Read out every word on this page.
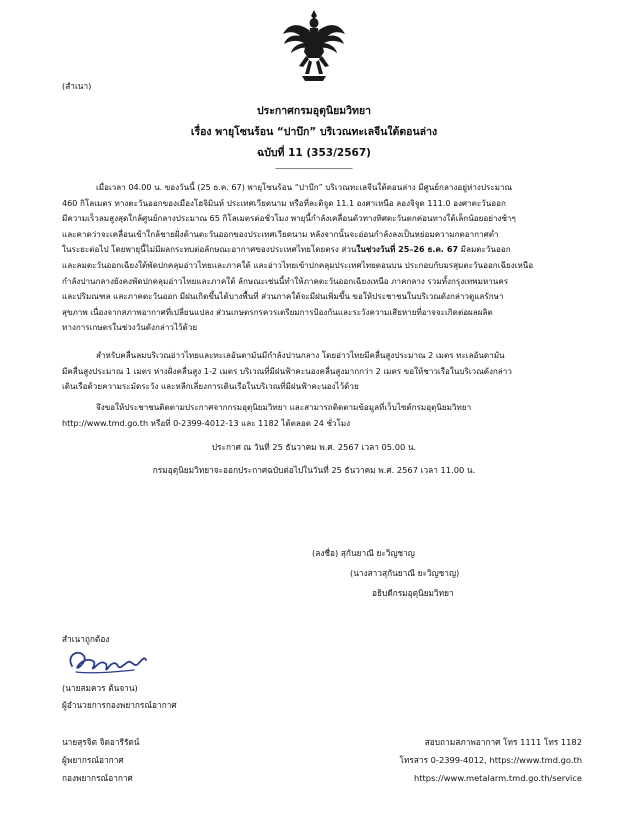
(สำเนา)
ประกาศกรมอุตุนิยมวิทยา
เรื่อง พายุโซนร้อน “ปาบึก” บริเวณทะเลจีนใต้ตอนล่าง
ฉบับที่ 11 (353/2567)
______________________
เมื่อเวลา 04.00 น. ของวันนี้ (25 ธ.ค. 67) พายุโซนร้อน “ปาบึก” บริเวณทะเลจีนใต้ตอนล่าง มีศูนย์กลางอยู่ห่างประมาณ
460 กิโลเมตร ทางตะวันออกของเมืองโฮจิมินห์ ประเทศเวียดนาม หรือที่ละติจูด 11.1 องศาเหนือ ลองจิจูด 111.0 องศาตะวันออก
มีความเร็วลมสูงสุดใกล้ศูนย์กลางประมาณ 65 กิโลเมตรต่อชั่วโมง พายุนี้กำลังเคลื่อนตัวทางทิศตะวันตกค่อนทางใต้เล็กน้อยอย่างช้าๆ
และคาดว่าจะเคลื่อนเข้าใกล้ชายฝั่งด้านตะวันออกของประเทศเวียดนาม หลังจากนั้นจะอ่อนกำลังลงเป็นหย่อมความกดอากาศต่ำ
ในระยะต่อไป โดยพายุนี้ไม่มีผลกระทบต่อลักษณะอากาศของประเทศไทยโดยตรง ส่วนในช่วงวันที่ 25–26 ธ.ค. 67 มีลมตะวันออก
และลมตะวันออกเฉียงใต้พัดปกคลุมอ่าวไทยและภาคใต้ และอ่าวไทยเข้าปกคลุมประเทศไทยตอนบน ประกอบกับมรสุมตะวันออกเฉียงเหนือ
กำลังปานกลางยังคงพัดปกคลุมอ่าวไทยและภาคใต้ ลักษณะเช่นนี้ทำให้ภาคตะวันออกเฉียงเหนือ ภาคกลาง รวมทั้งกรุงเทพมหานคร
และปริมณฑล และภาคตะวันออก มีฝนเกิดขึ้นได้บางพื้นที่ ส่วนภาคใต้จะมีฝนเพิ่มขึ้น ขอให้ประชาชนในบริเวณดังกล่าวดูแลรักษา
สุขภาพ เนื่องจากสภาพอากาศที่เปลี่ยนแปลง ส่วนเกษตรกรควรเตรียมการป้องกันและระวังความเสียหายที่อาจจะเกิดต่อผลผลิต
ทางการเกษตรในช่วงวันดังกล่าวไว้ด้วย
สำหรับคลื่นลมบริเวณอ่าวไทยและทะเลอันดามันมีกำลังปานกลาง โดยอ่าวไทยมีคลื่นสูงประมาณ 2 เมตร ทะเลอันดามัน
มีคลื่นสูงประมาณ 1 เมตร ห่างฝั่งคลื่นสูง 1-2 เมตร บริเวณที่มีฝนฟ้าคะนองคลื่นสูงมากกว่า 2 เมตร ขอให้ชาวเรือในบริเวณดังกล่าว
เดินเรือด้วยความระมัดระวัง และหลีกเลี่ยงการเดินเรือในบริเวณที่มีฝนฟ้าคะนองไว้ด้วย
จึงขอให้ประชาชนติดตามประกาศจากกรมอุตุนิยมวิทยา และสามารถติดตามข้อมูลที่เว็บไซต์กรมอุตุนิยมวิทยา
http://www.tmd.go.th หรือที่ 0-2399-4012-13 และ 1182 ได้ตลอด 24 ชั่วโมง
ประกาศ ณ วันที่ 25 ธันวาคม พ.ศ. 2567 เวลา 05.00 น.
กรมอุตุนิยมวิทยาจะออกประกาศฉบับต่อไปในวันที่ 25 ธันวาคม พ.ศ. 2567 เวลา 11.00 น.
(ลงชื่อ) สุกันยาณี ยะวิญชาญ
(นางสาวสุกันยาณี ยะวิญชาญ)
อธิบดีกรมอุตุนิยมวิทยา
สำเนาถูกต้อง
(นายสมควร ต้นจาน)
ผู้อำนวยการกองพยากรณ์อากาศ
นายสุรจิต จิตอารีรัตน์
ผู้พยากรณ์อากาศ
กองพยากรณ์อากาศ
สอบถามสภาพอากาศ โทร 1111 โทร 1182
โทรสาร 0-2399-4012, https://www.tmd.go.th
https://www.metalarm.tmd.go.th/service
